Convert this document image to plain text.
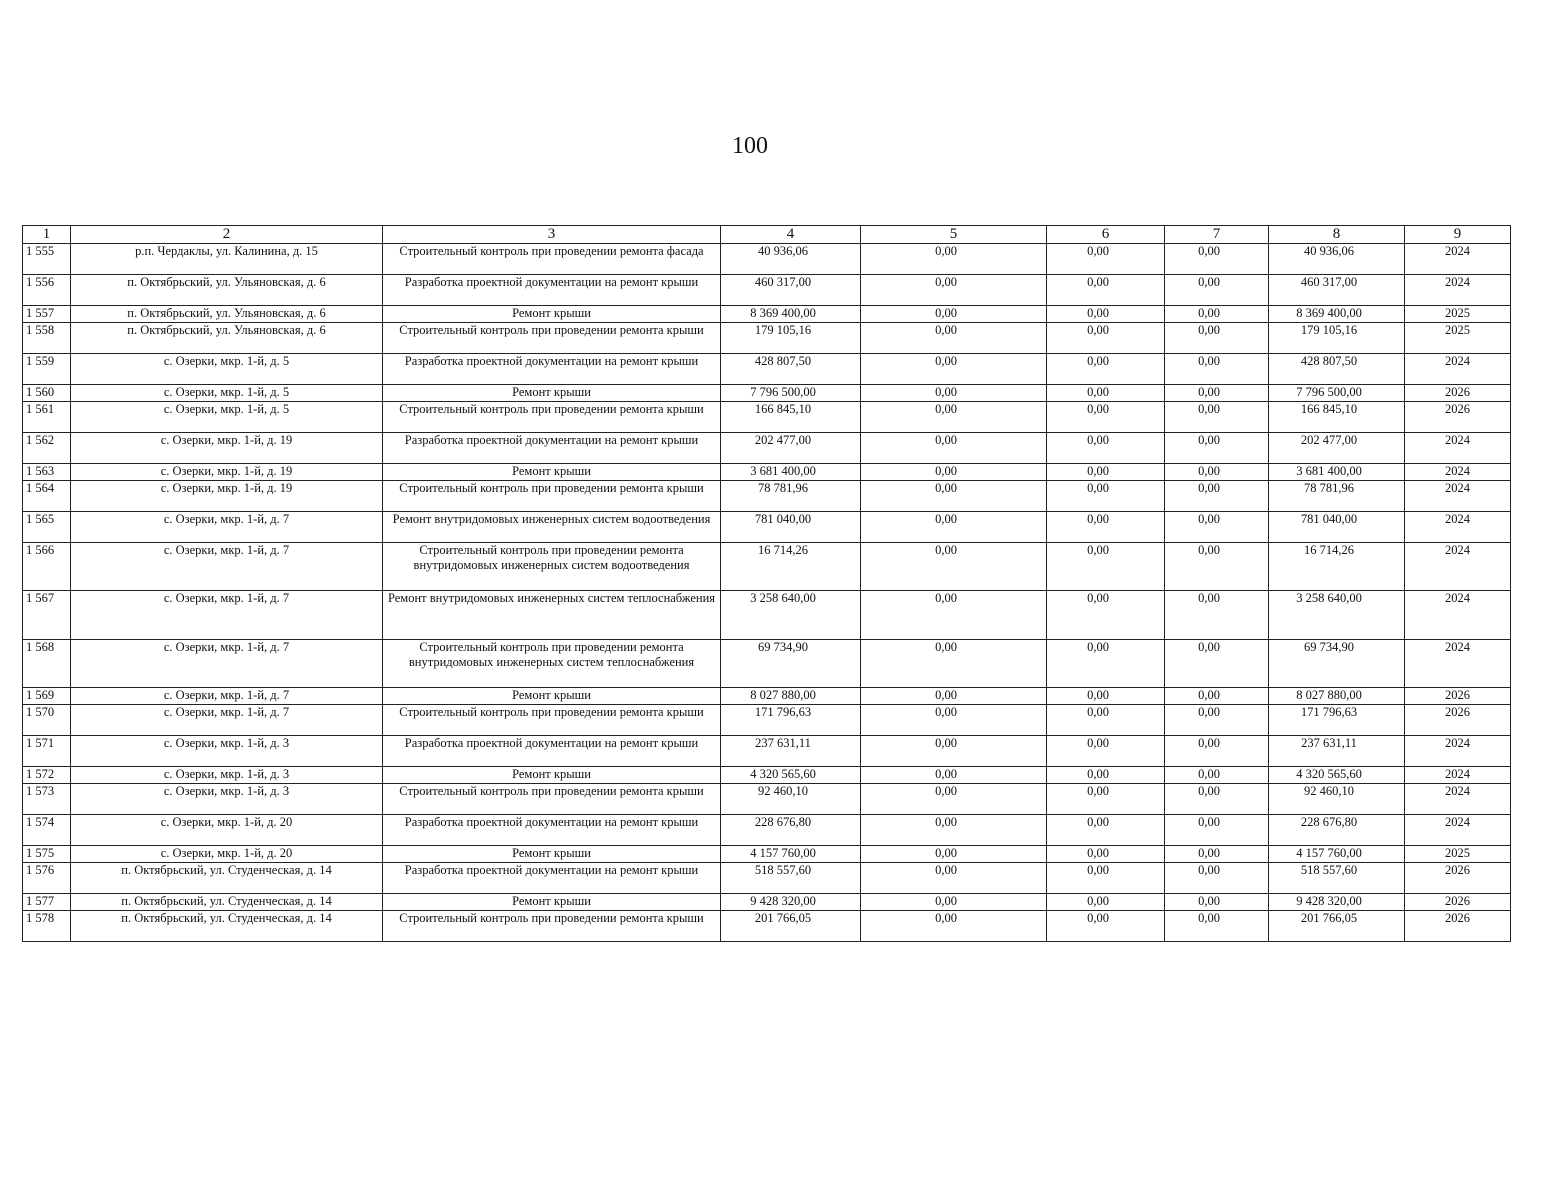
100
1	2	3	4	5	6	7	8	9
1 555	р.п. Чердаклы, ул. Калинина, д. 15	Строительный контроль при проведении ремонта фасада	40 936,06	0,00	0,00	0,00	40 936,06	2024
1 556	п. Октябрьский, ул. Ульяновская, д. 6	Разработка проектной документации на ремонт крыши	460 317,00	0,00	0,00	0,00	460 317,00	2024
1 557	п. Октябрьский, ул. Ульяновская, д. 6	Ремонт крыши	8 369 400,00	0,00	0,00	0,00	8 369 400,00	2025
1 558	п. Октябрьский, ул. Ульяновская, д. 6	Строительный контроль при проведении ремонта крыши	179 105,16	0,00	0,00	0,00	179 105,16	2025
1 559	с. Озерки, мкр. 1-й, д. 5	Разработка проектной документации на ремонт крыши	428 807,50	0,00	0,00	0,00	428 807,50	2024
1 560	с. Озерки, мкр. 1-й, д. 5	Ремонт крыши	7 796 500,00	0,00	0,00	0,00	7 796 500,00	2026
1 561	с. Озерки, мкр. 1-й, д. 5	Строительный контроль при проведении ремонта крыши	166 845,10	0,00	0,00	0,00	166 845,10	2026
1 562	с. Озерки, мкр. 1-й, д. 19	Разработка проектной документации на ремонт крыши	202 477,00	0,00	0,00	0,00	202 477,00	2024
1 563	с. Озерки, мкр. 1-й, д. 19	Ремонт крыши	3 681 400,00	0,00	0,00	0,00	3 681 400,00	2024
1 564	с. Озерки, мкр. 1-й, д. 19	Строительный контроль при проведении ремонта крыши	78 781,96	0,00	0,00	0,00	78 781,96	2024
1 565	с. Озерки, мкр. 1-й, д. 7	Ремонт внутридомовых инженерных систем водоотведения	781 040,00	0,00	0,00	0,00	781 040,00	2024
1 566	с. Озерки, мкр. 1-й, д. 7	Строительный контроль при проведении ремонта внутридомовых инженерных систем водоотведения	16 714,26	0,00	0,00	0,00	16 714,26	2024
1 567	с. Озерки, мкр. 1-й, д. 7	Ремонт внутридомовых инженерных систем теплоснабжения	3 258 640,00	0,00	0,00	0,00	3 258 640,00	2024
1 568	с. Озерки, мкр. 1-й, д. 7	Строительный контроль при проведении ремонта внутридомовых инженерных систем теплоснабжения	69 734,90	0,00	0,00	0,00	69 734,90	2024
1 569	с. Озерки, мкр. 1-й, д. 7	Ремонт крыши	8 027 880,00	0,00	0,00	0,00	8 027 880,00	2026
1 570	с. Озерки, мкр. 1-й, д. 7	Строительный контроль при проведении ремонта крыши	171 796,63	0,00	0,00	0,00	171 796,63	2026
1 571	с. Озерки, мкр. 1-й, д. 3	Разработка проектной документации на ремонт крыши	237 631,11	0,00	0,00	0,00	237 631,11	2024
1 572	с. Озерки, мкр. 1-й, д. 3	Ремонт крыши	4 320 565,60	0,00	0,00	0,00	4 320 565,60	2024
1 573	с. Озерки, мкр. 1-й, д. 3	Строительный контроль при проведении ремонта крыши	92 460,10	0,00	0,00	0,00	92 460,10	2024
1 574	с. Озерки, мкр. 1-й, д. 20	Разработка проектной документации на ремонт крыши	228 676,80	0,00	0,00	0,00	228 676,80	2024
1 575	с. Озерки, мкр. 1-й, д. 20	Ремонт крыши	4 157 760,00	0,00	0,00	0,00	4 157 760,00	2025
1 576	п. Октябрьский, ул. Студенческая, д. 14	Разработка проектной документации на ремонт крыши	518 557,60	0,00	0,00	0,00	518 557,60	2026
1 577	п. Октябрьский, ул. Студенческая, д. 14	Ремонт крыши	9 428 320,00	0,00	0,00	0,00	9 428 320,00	2026
1 578	п. Октябрьский, ул. Студенческая, д. 14	Строительный контроль при проведении ремонта крыши	201 766,05	0,00	0,00	0,00	201 766,05	2026
